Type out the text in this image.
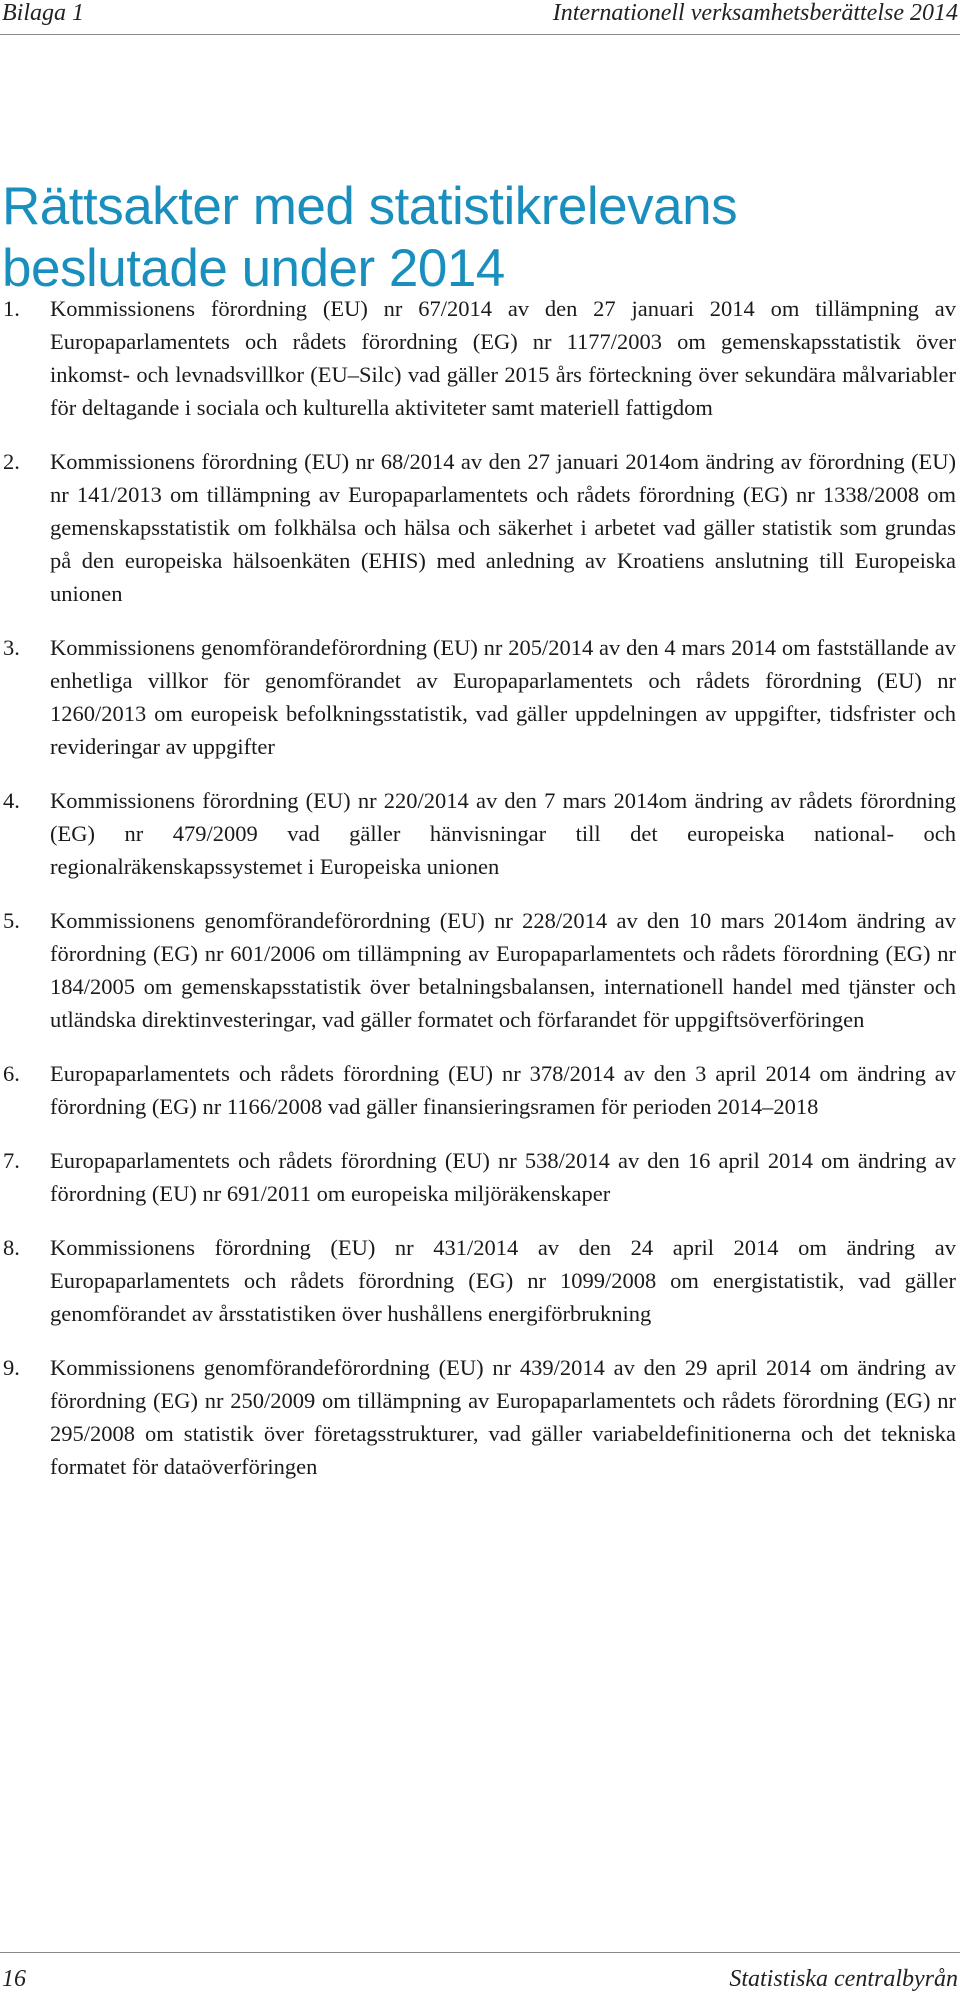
Bilaga 1	Internationell verksamhetsberättelse 2014
Rättsakter med statistikrelevans beslutade under 2014
1. Kommissionens förordning (EU) nr 67/2014 av den 27 januari 2014 om tillämpning av Europaparlamentets och rådets förordning (EG) nr 1177/2003 om gemenskapsstatistik över inkomst- och levnadsvillkor (EU–Silc) vad gäller 2015 års förteckning över sekundära målvariabler för deltagande i sociala och kulturella aktiviteter samt materiell fattigdom
2. Kommissionens förordning (EU) nr 68/2014 av den 27 januari 2014om ändring av förordning (EU) nr 141/2013 om tillämpning av Europaparlamentets och rådets förordning (EG) nr 1338/2008 om gemenskapsstatistik om folkhälsa och hälsa och säkerhet i arbetet vad gäller statistik som grundas på den europeiska hälsoenkäten (EHIS) med anledning av Kroatiens anslutning till Europeiska unionen
3. Kommissionens genomförandeförordning (EU) nr 205/2014 av den 4 mars 2014 om fastställande av enhetliga villkor för genomförandet av Europaparlamentets och rådets förordning (EU) nr 1260/2013 om europeisk befolkningsstatistik, vad gäller uppdelningen av uppgifter, tidsfrister och revideringar av uppgifter
4. Kommissionens förordning (EU) nr 220/2014 av den 7 mars 2014om ändring av rådets förordning (EG) nr 479/2009 vad gäller hänvisningar till det europeiska national- och regionalräkenskapssystemet i Europeiska unionen
5. Kommissionens genomförandeförordning (EU) nr 228/2014 av den 10 mars 2014om ändring av förordning (EG) nr 601/2006 om tillämpning av Europaparlamentets och rådets förordning (EG) nr 184/2005 om gemenskapsstatistik över betalningsbalansen, internationell handel med tjänster och utländska direktinvesteringar, vad gäller formatet och förfarandet för uppgiftsöverföringen
6. Europaparlamentets och rådets förordning (EU) nr 378/2014 av den 3 april 2014 om ändring av förordning (EG) nr 1166/2008 vad gäller finansieringsramen för perioden 2014–2018
7. Europaparlamentets och rådets förordning (EU) nr 538/2014 av den 16 april 2014 om ändring av förordning (EU) nr 691/2011 om europeiska miljöräkenskaper
8. Kommissionens förordning (EU) nr 431/2014 av den 24 april 2014 om ändring av Europaparlamentets och rådets förordning (EG) nr 1099/2008 om energistatistik, vad gäller genomförandet av årsstatistiken över hushållens energiförbrukning
9. Kommissionens genomförandeförordning (EU) nr 439/2014 av den 29 april 2014 om ändring av förordning (EG) nr 250/2009 om tillämpning av Europaparlamentets och rådets förordning (EG) nr 295/2008 om statistik över företagsstrukturer, vad gäller variabeldefinitionerna och det tekniska formatet för dataöverföringen
16	Statistiska centralbyrån
